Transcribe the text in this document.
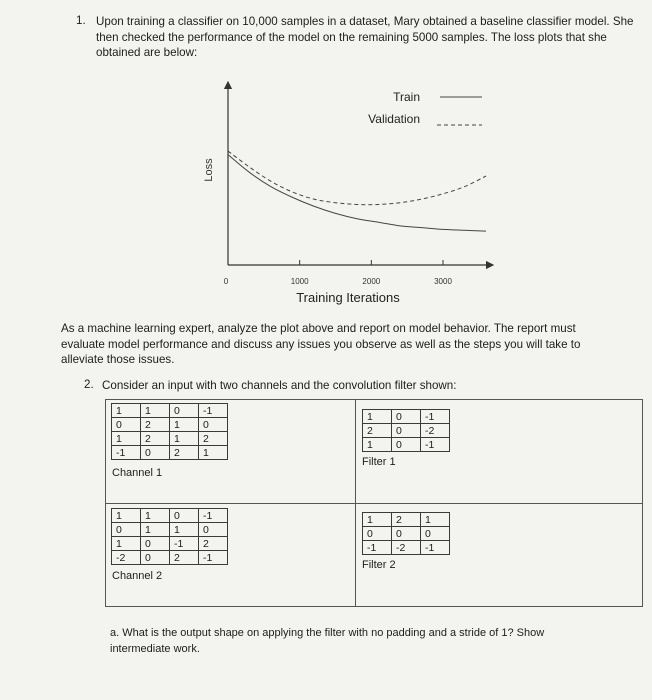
1. Upon training a classifier on 10,000 samples in a dataset, Mary obtained a baseline classifier model. She then checked the performance of the model on the remaining 5000 samples. The loss plots that she obtained are below:
Loss
0	1000	2000	3000
Training Iterations
Train
Validation
As a machine learning expert, analyze the plot above and report on model behavior. The report must evaluate model performance and discuss any issues you observe as well as the steps you will take to alleviate those issues.
2. Consider an input with two channels and the convolution filter shown:
1	1	0	-1
0	2	1	0
1	2	1	2
-1	0	2	1
Channel 1
1	0	-1
2	0	-2
1	0	-1
Filter 1
1	1	0	-1
0	1	1	0
1	0	-1	2
-2	0	2	-1
Channel 2
1	2	1
0	0	0
-1	-2	-1
Filter 2
a. What is the output shape on applying the filter with no padding and a stride of 1? Show intermediate work.
